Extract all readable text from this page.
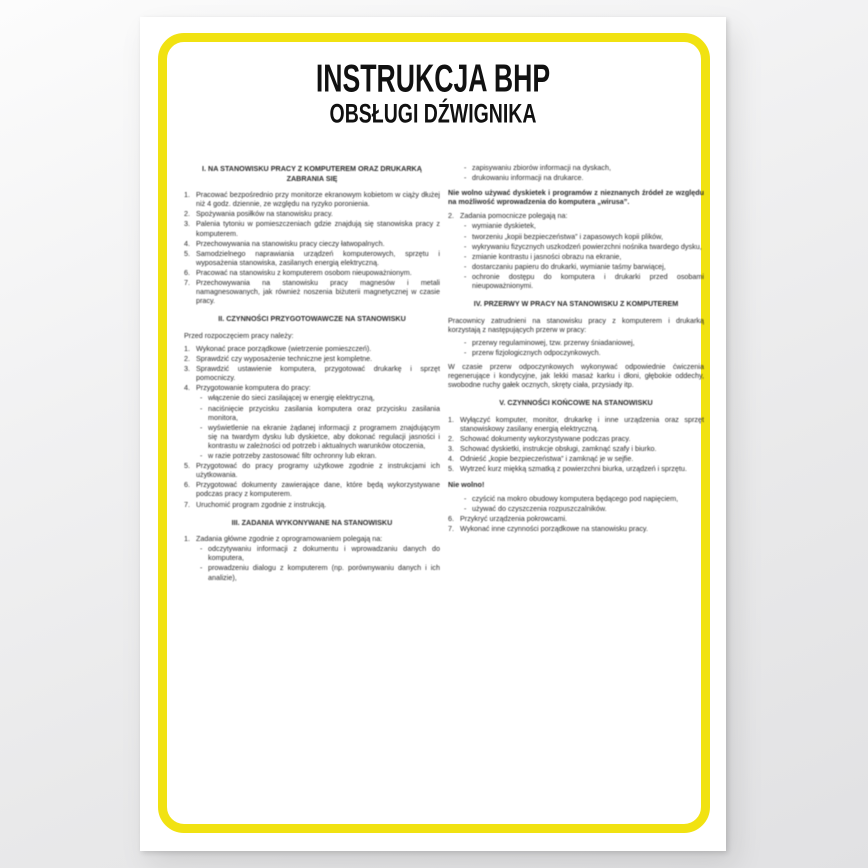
INSTRUKCJA BHP
OBSŁUGI DŹWIGNIKA
I. NA STANOWISKU PRACY Z KOMPUTEREM ORAZ DRUKARKĄ ZABRANIA SIĘ
1. Pracować bezpośrednio przy monitorze ekranowym kobietom w ciąży dłużej niż 4 godz. dziennie, ze względu na ryzyko poronienia.
2. Spożywania posiłków na stanowisku pracy.
3. Palenia tytoniu w pomieszczeniach gdzie znajdują się stanowiska pracy z komputerem.
4. Przechowywania na stanowisku pracy cieczy łatwopalnych.
5. Samodzielnego naprawiania urządzeń komputerowych, sprzętu i wyposażenia stanowiska, zasilanych energią elektryczną.
6. Pracować na stanowisku z komputerem osobom nieupoważnionym.
7. Przechowywania na stanowisku pracy magnesów i metali namagnesowanych, jak również noszenia biżuterii magnetycznej w czasie pracy.
II. CZYNNOŚCI PRZYGOTOWAWCZE NA STANOWISKU
Przed rozpoczęciem pracy należy:
1. Wykonać prace porządkowe (wietrzenie pomieszczeń).
2. Sprawdzić czy wyposażenie techniczne jest kompletne.
3. Sprawdzić ustawienie komputera, przygotować drukarkę i sprzęt pomocniczy.
4. Przygotowanie komputera do pracy:
- włączenie do sieci zasilającej w energię elektryczną,
- naciśnięcie przycisku zasilania komputera oraz przycisku zasilania monitora,
- wyświetlenie na ekranie żądanej informacji z programem znajdującym się na twardym dysku lub dyskietce, aby dokonać regulacji jasności i kontrastu w zależności od potrzeb i aktualnych warunków otoczenia,
- w razie potrzeby zastosować filtr ochronny lub ekran.
5. Przygotować do pracy programy użytkowe zgodnie z instrukcjami ich użytkowania.
6. Przygotować dokumenty zawierające dane, które będą wykorzystywane podczas pracy z komputerem.
7. Uruchomić program zgodnie z instrukcją.
III. ZADANIA WYKONYWANE NA STANOWISKU
1. Zadania główne zgodnie z oprogramowaniem polegają na:
- odczytywaniu informacji z dokumentu i wprowadzaniu danych do komputera,
- prowadzeniu dialogu z komputerem (np. porównywaniu danych i ich analizie),
- zapisywaniu zbiorów informacji na dyskach,
- drukowaniu informacji na drukarce.
Nie wolno używać dyskietek i programów z nieznanych źródeł ze względu na możliwość wprowadzenia do komputera „wirusa”.
2. Zadania pomocnicze polegają na:
- wymianie dyskietek,
- tworzeniu „kopii bezpieczeństwa” i zapasowych kopii plików,
- wykrywaniu fizycznych uszkodzeń powierzchni nośnika twardego dysku,
- zmianie kontrastu i jasności obrazu na ekranie,
- dostarczaniu papieru do drukarki, wymianie taśmy barwiącej,
- ochronie dostępu do komputera i drukarki przed osobami nieupoważnionymi.
IV. PRZERWY W PRACY NA STANOWISKU Z KOMPUTEREM
Pracownicy zatrudnieni na stanowisku pracy z komputerem i drukarką korzystają z następujących przerw w pracy:
- przerwy regulaminowej, tzw. przerwy śniadaniowej,
- przerw fizjologicznych odpoczynkowych.
W czasie przerw odpoczynkowych wykonywać odpowiednie ćwiczenia regenerujące i kondycyjne, jak lekki masaż karku i dłoni, głębokie oddechy, swobodne ruchy gałek ocznych, skręty ciała, przysiady itp.
V. CZYNNOŚCI KOŃCOWE NA STANOWISKU
1. Wyłączyć komputer, monitor, drukarkę i inne urządzenia oraz sprzęt stanowiskowy zasilany energią elektryczną.
2. Schować dokumenty wykorzystywane podczas pracy.
3. Schować dyskietki, instrukcje obsługi, zamknąć szafy i biurko.
4. Odnieść „kopie bezpieczeństwa” i zamknąć je w sejfie.
5. Wytrzeć kurz miękką szmatką z powierzchni biurka, urządzeń i sprzętu.
Nie wolno!
- czyścić na mokro obudowy komputera będącego pod napięciem,
- używać do czyszczenia rozpuszczalników.
6. Przykryć urządzenia pokrowcami.
7. Wykonać inne czynności porządkowe na stanowisku pracy.
